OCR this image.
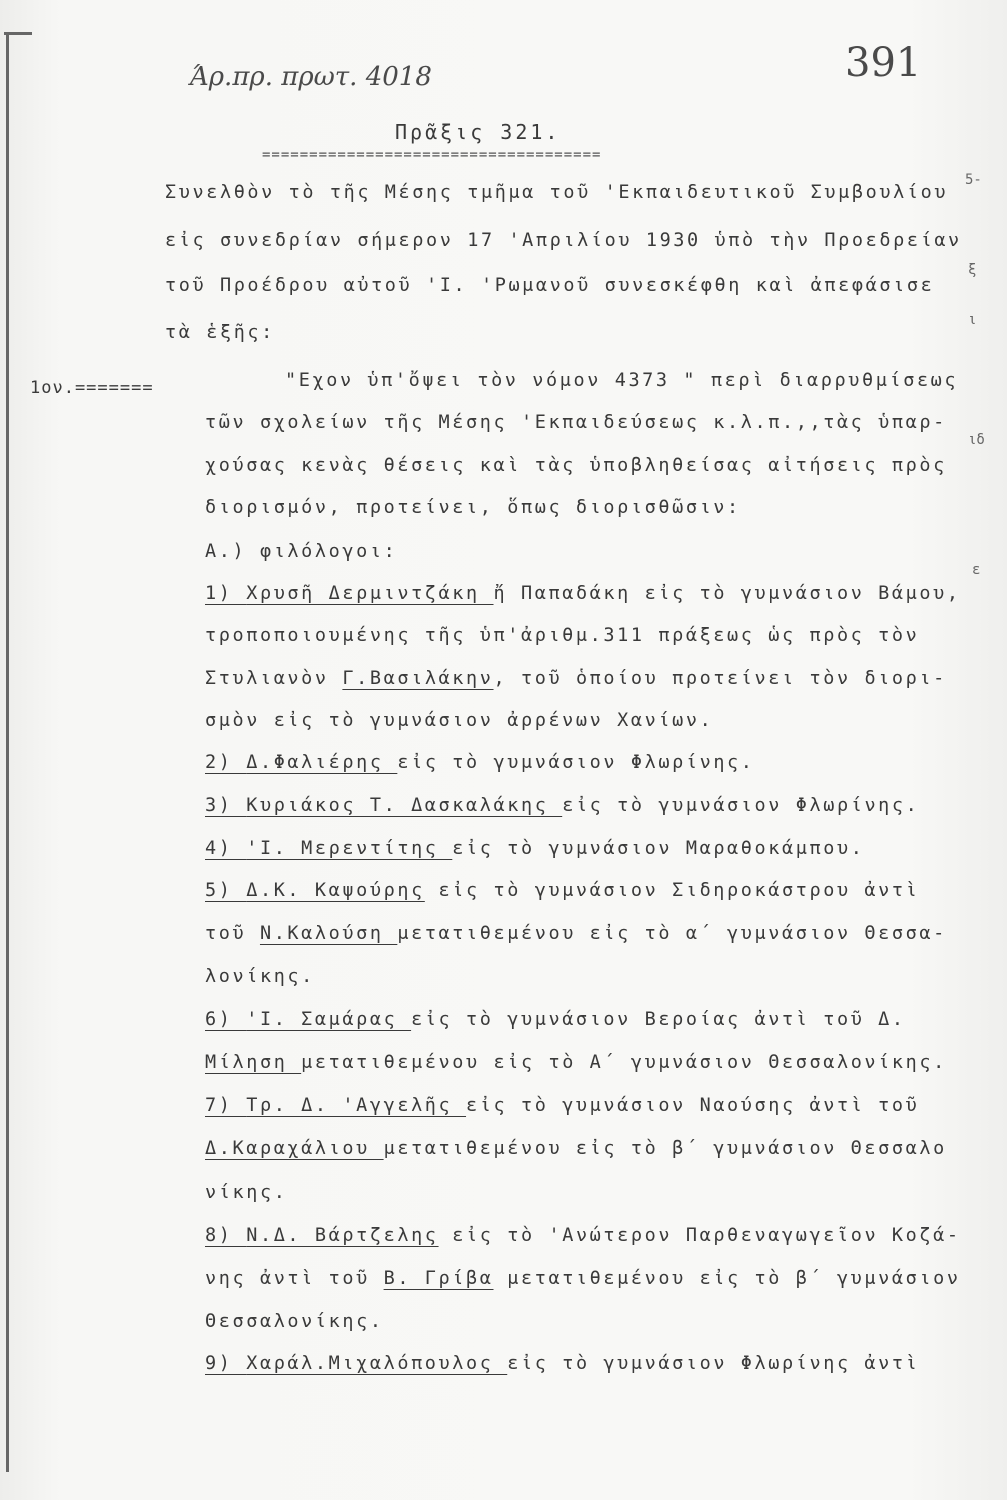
Άρ.πρ. πρωτ. 4018	391
Πρᾶξις 321.
====================================
Συνελθὸν τὸ τῆς Μέσης τμῆμα τοῦ 'Εκπαιδευτικοῦ Συμβουλίου
εἰς συνεδρίαν σήμερον 17 'Απριλίου 1930 ὑπὸ τὴν Προεδρείαν
τοῦ Προέδρου αὐτοῦ 'Ι. 'Ρωμανοῦ συνεσκέφθη καὶ ἀπεφάσισε
τὰ ἑξῆς:
1ον.=======	"Εχον ὑπ'ὄψει τὸν νόμον 4373 " περὶ διαρρυθμίσεως
τῶν σχολείων τῆς Μέσης 'Εκπαιδεύσεως κ.λ.π.,,τὰς ὑπαρ-
χούσας κενὰς θέσεις καὶ τὰς ὑποβληθείσας αἰτήσεις πρὸς
διορισμόν, προτείνει, ὅπως διορισθῶσιν:
Α.) φιλόλογοι:
1) Χρυσῆ Δερμιντζάκη ἤ Παπαδάκη εἰς τὸ γυμνάσιον Βάμου,
τροποποιουμένης τῆς ὑπ'ἀριθμ.311 πράξεως ὡς πρὸς τὸν
Στυλιανὸν Γ.Βασιλάκην, τοῦ ὁποίου προτείνει τὸν διορι-
σμὸν εἰς τὸ γυμνάσιον ἀρρένων Χανίων.
2) Δ.Φαλιέρης εἰς τὸ γυμνάσιον Φλωρίνης.
3) Κυριάκος Τ. Δασκαλάκης εἰς τὸ γυμνάσιον Φλωρίνης.
4) 'Ι. Μερεντίτης εἰς τὸ γυμνάσιον Μαραθοκάμπου.
5) Δ.Κ. Καψούρης εἰς τὸ γυμνάσιον Σιδηροκάστρου ἀντὶ
τοῦ Ν.Καλούση μετατιθεμένου εἰς τὸ α΄ γυμνάσιον Θεσσα-
λονίκης.
6) 'Ι. Σαμάρας εἰς τὸ γυμνάσιον Βεροίας ἀντὶ τοῦ Δ.
Μίληση μετατιθεμένου εἰς τὸ Α΄ γυμνάσιον Θεσσαλονίκης.
7) Τρ. Δ. 'Αγγελῆς εἰς τὸ γυμνάσιον Ναούσης ἀντὶ τοῦ
Δ.Καραχάλιου μετατιθεμένου εἰς τὸ β΄ γυμνάσιον Θεσσαλο
νίκης.
8) Ν.Δ. Βάρτζελης εἰς τὸ 'Ανώτερον Παρθεναγωγεῖον Κοζά-
νης ἀντὶ τοῦ Β. Γρίβα μετατιθεμένου εἰς τὸ β΄ γυμνάσιον
Θεσσαλονίκης.
9) Χαράλ.Μιχαλόπουλος εἰς τὸ γυμνάσιον Φλωρίνης ἀντὶ
5-
ξ
ι
ιδ
ε
